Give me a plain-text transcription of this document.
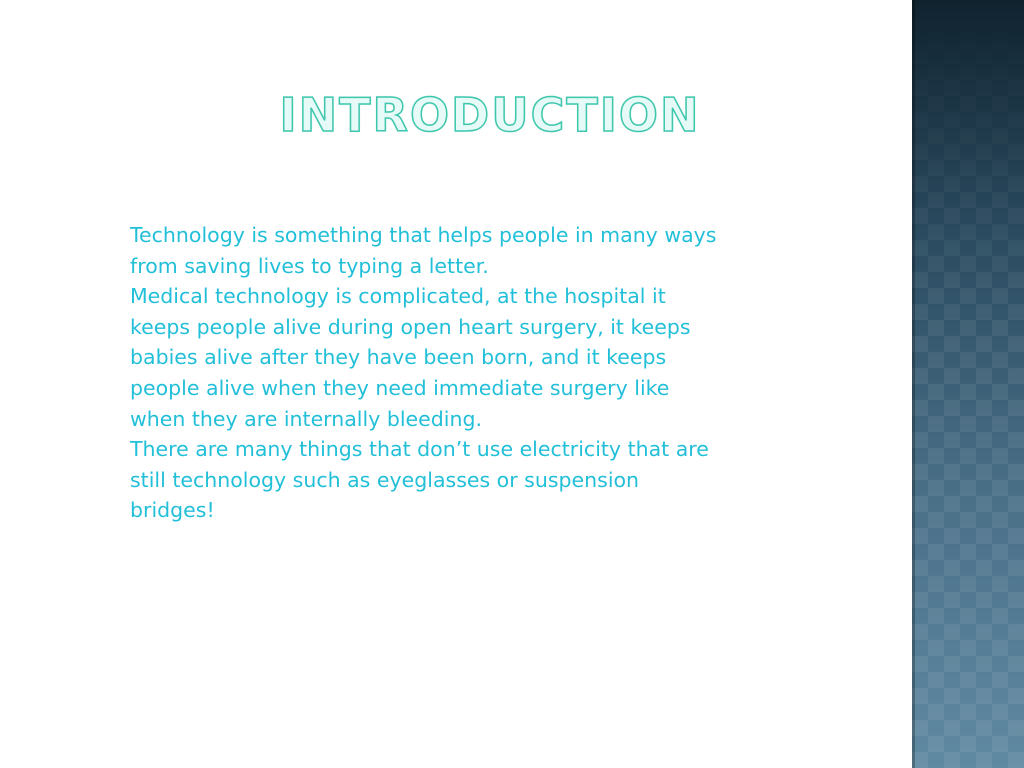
INTRODUCTION

Technology is something that helps people in many ways from saving lives to typing a letter.

Medical technology is complicated, at the hospital it keeps people alive during open heart surgery, it keeps babies alive after they have been born, and it keeps people alive when they need immediate surgery like when they are internally bleeding.

There are many things that don’t use electricity that are still technology such as eyeglasses or suspension bridges!
